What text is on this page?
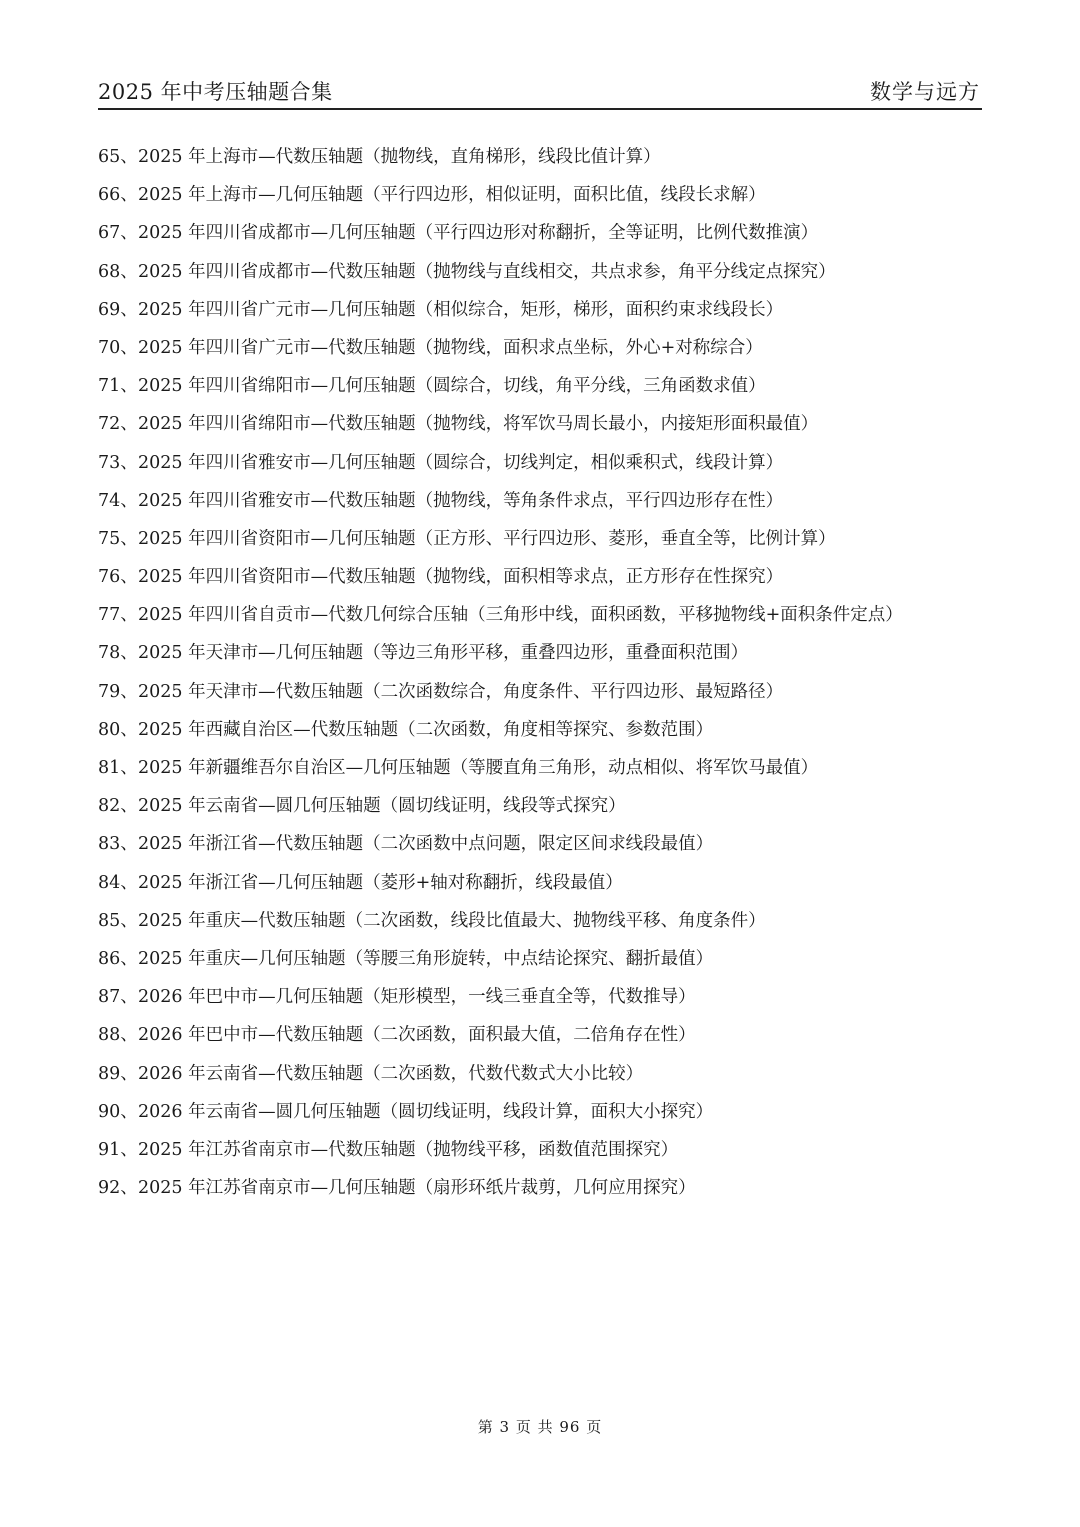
2025 年中考压轴题合集	数学与远方
65、2025 年上海市—代数压轴题（抛物线，直角梯形，线段比值计算）
66、2025 年上海市—几何压轴题（平行四边形，相似证明，面积比值，线段长求解）
67、2025 年四川省成都市—几何压轴题（平行四边形对称翻折，全等证明，比例代数推演）
68、2025 年四川省成都市—代数压轴题（抛物线与直线相交，共点求参，角平分线定点探究）
69、2025 年四川省广元市—几何压轴题（相似综合，矩形，梯形，面积约束求线段长）
70、2025 年四川省广元市—代数压轴题（抛物线，面积求点坐标，外心+对称综合）
71、2025 年四川省绵阳市—几何压轴题（圆综合，切线，角平分线，三角函数求值）
72、2025 年四川省绵阳市—代数压轴题（抛物线，将军饮马周长最小，内接矩形面积最值）
73、2025 年四川省雅安市—几何压轴题（圆综合，切线判定，相似乘积式，线段计算）
74、2025 年四川省雅安市—代数压轴题（抛物线，等角条件求点，平行四边形存在性）
75、2025 年四川省资阳市—几何压轴题（正方形、平行四边形、菱形，垂直全等，比例计算）
76、2025 年四川省资阳市—代数压轴题（抛物线，面积相等求点，正方形存在性探究）
77、2025 年四川省自贡市—代数几何综合压轴（三角形中线，面积函数，平移抛物线+面积条件定点）
78、2025 年天津市—几何压轴题（等边三角形平移，重叠四边形，重叠面积范围）
79、2025 年天津市—代数压轴题（二次函数综合，角度条件、平行四边形、最短路径）
80、2025 年西藏自治区—代数压轴题（二次函数，角度相等探究、参数范围）
81、2025 年新疆维吾尔自治区—几何压轴题（等腰直角三角形，动点相似、将军饮马最值）
82、2025 年云南省—圆几何压轴题（圆切线证明，线段等式探究）
83、2025 年浙江省—代数压轴题（二次函数中点问题，限定区间求线段最值）
84、2025 年浙江省—几何压轴题（菱形+轴对称翻折，线段最值）
85、2025 年重庆—代数压轴题（二次函数，线段比值最大、抛物线平移、角度条件）
86、2025 年重庆—几何压轴题（等腰三角形旋转，中点结论探究、翻折最值）
87、2026 年巴中市—几何压轴题（矩形模型，一线三垂直全等，代数推导）
88、2026 年巴中市—代数压轴题（二次函数，面积最大值，二倍角存在性）
89、2026 年云南省—代数压轴题（二次函数，代数代数式大小比较）
90、2026 年云南省—圆几何压轴题（圆切线证明，线段计算，面积大小探究）
91、2025 年江苏省南京市—代数压轴题（抛物线平移，函数值范围探究）
92、2025 年江苏省南京市—几何压轴题（扇形环纸片裁剪，几何应用探究）
第 3 页 共 96 页
